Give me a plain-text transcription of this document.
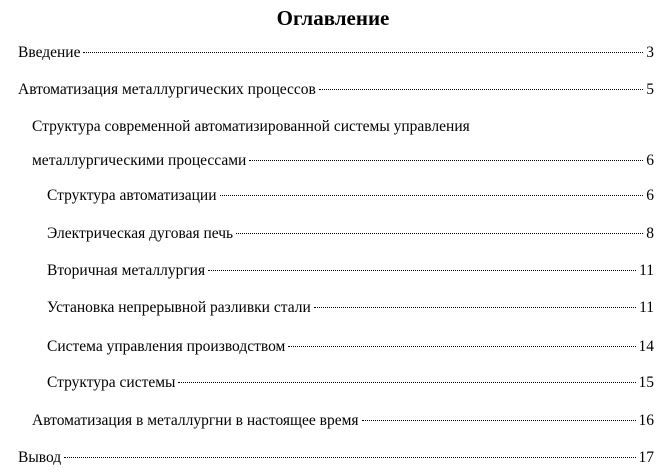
Оглавление
Введение	3
Автоматизация металлургических процессов	5
Структура современной автоматизированной системы управления
металлургическими процессами	6
Структура автоматизации	6
Электрическая дуговая печь	8
Вторичная металлургия	11
Установка непрерывной разливки стали	11
Система управления производством	14
Структура системы	15
Автоматизация в металлургни в настоящее время	16
Вывод	17
